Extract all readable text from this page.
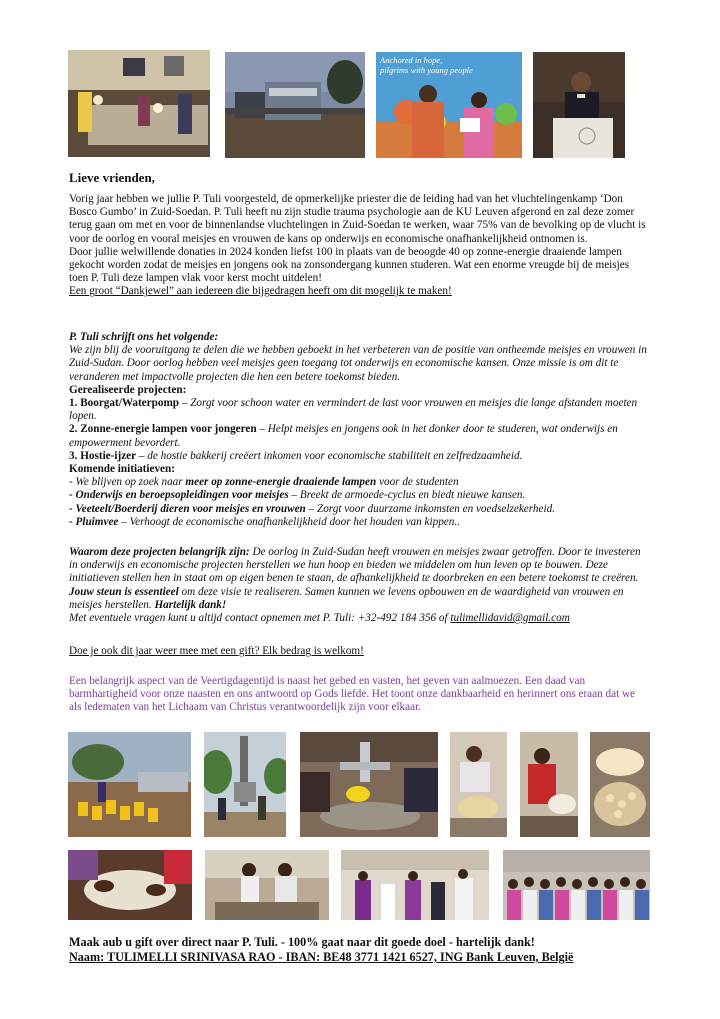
Anchored in hope,
pilgrims with young people
Lieve vrienden,

Vorig jaar hebben we jullie P. Tuli voorgesteld, de opmerkelijke priester die de leiding had van het vluchtelingenkamp ‘Don Bosco Gumbo’ in Zuid-Soedan. P. Tuli heeft nu zijn studie trauma psychologie aan de KU Leuven afgerond en zal deze zomer terug gaan om met en voor de binnenlandse vluchtelingen in Zuid-Soedan te werken, waar 75% van de bevolking op de vlucht is voor de oorlog en vooral meisjes en vrouwen de kans op onderwijs en economische onafhankelijkheid ontnomen is.

Door jullie welwillende donaties in 2024 konden liefst 100 in plaats van de beoogde 40 op zonne-energie draaiende lampen gekocht worden zodat de meisjes en jongens ook na zonsondergang kunnen studeren. Wat een enorme vreugde bij de meisjes toen P. Tuli deze lampen vlak voor kerst mocht uitdelen!

Een groot “Dankjewel” aan iedereen die bijgedragen heeft om dit mogelijk te maken!

P. Tuli schrijft ons het volgende:

We zijn blij de vooruitgang te delen die we hebben geboekt in het verbeteren van de positie van ontheemde meisjes en vrouwen in Zuid-Sudan. Door oorlog hebben veel meisjes geen toegang tot onderwijs en economische kansen. Onze missie is om dit te veranderen met impactvolle projecten die hen een betere toekomst bieden.

Gerealiseerde projecten:

1. Boorgat/Waterpomp – Zorgt voor schoon water en vermindert de last voor vrouwen en meisjes die lange afstanden moeten lopen.

2. Zonne-energie lampen voor jongeren – Helpt meisjes en jongens ook in het donker door te studeren, wat onderwijs en empowerment bevordert.

3. Hostie-ijzer – de hostie bakkerij creëert inkomen voor economische stabiliteit en zelfredzaamheid.

Komende initiatieven:

- We blijven op zoek naar meer op zonne-energie draaiende lampen voor de studenten

- Onderwijs en beroepsopleidingen voor meisjes – Breekt de armoede-cyclus en biedt nieuwe kansen.

- Veeteelt/Boerderij dieren voor meisjes en vrouwen – Zorgt voor duurzame inkomsten en voedselzekerheid.

- Pluimvee – Verhoogt de economische onafhankelijkheid door het houden van kippen..

Waarom deze projecten belangrijk zijn: De oorlog in Zuid-Sudan heeft vrouwen en meisjes zwaar getroffen. Door te investeren in onderwijs en economische projecten herstellen we hun hoop en bieden we middelen om hun leven op te bouwen. Deze initiatieven stellen hen in staat om op eigen benen te staan, de afhankelijkheid te doorbreken en een betere toekomst te creëren. Jouw steun is essentieel om deze visie te realiseren. Samen kunnen we levens opbouwen en de waardigheid van vrouwen en meisjes herstellen. Hartelijk dank!

Met eventuele vragen kunt u altijd contact opnemen met P. Tuli: +32-492 184 356 of tulimellidavid@gmail.com

Doe je ook dit jaar weer mee met een gift? Elk bedrag is welkom!
Een belangrijk aspect van de Veertigdagentijd is naast het gebed en vasten, het geven van aalmoezen. Een daad van barmhartigheid voor onze naasten en ons antwoord op Gods liefde. Het toont onze dankbaarheid en herinnert ons eraan dat we als ledematen van het Lichaam van Christus verantwoordelijk zijn voor elkaar.

Maak aub u gift over direct naar P. Tuli. - 100% gaat naar dit goede doel - hartelijk dank!

Naam: TULIMELLI SRINIVASA RAO - IBAN: BE48 3771 1421 6527, ING Bank Leuven, België
